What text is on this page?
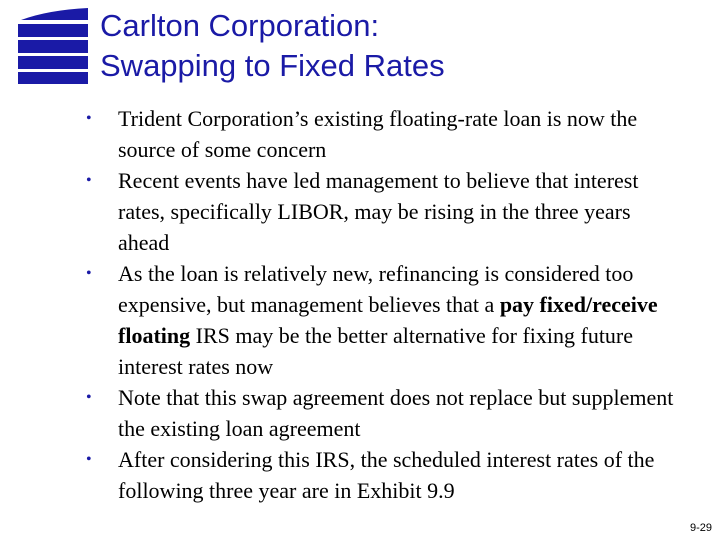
Carlton Corporation:
Swapping to Fixed Rates
• Trident Corporation’s existing floating-rate loan is now the source of some concern
• Recent events have led management to believe that interest rates, specifically LIBOR, may be rising in the three years ahead
• As the loan is relatively new, refinancing is considered too expensive, but management believes that a pay fixed/receive floating IRS may be the better alternative for fixing future interest rates now
• Note that this swap agreement does not replace but supplement the existing loan agreement
• After considering this IRS, the scheduled interest rates of the following three year are in Exhibit 9.9
9-29
